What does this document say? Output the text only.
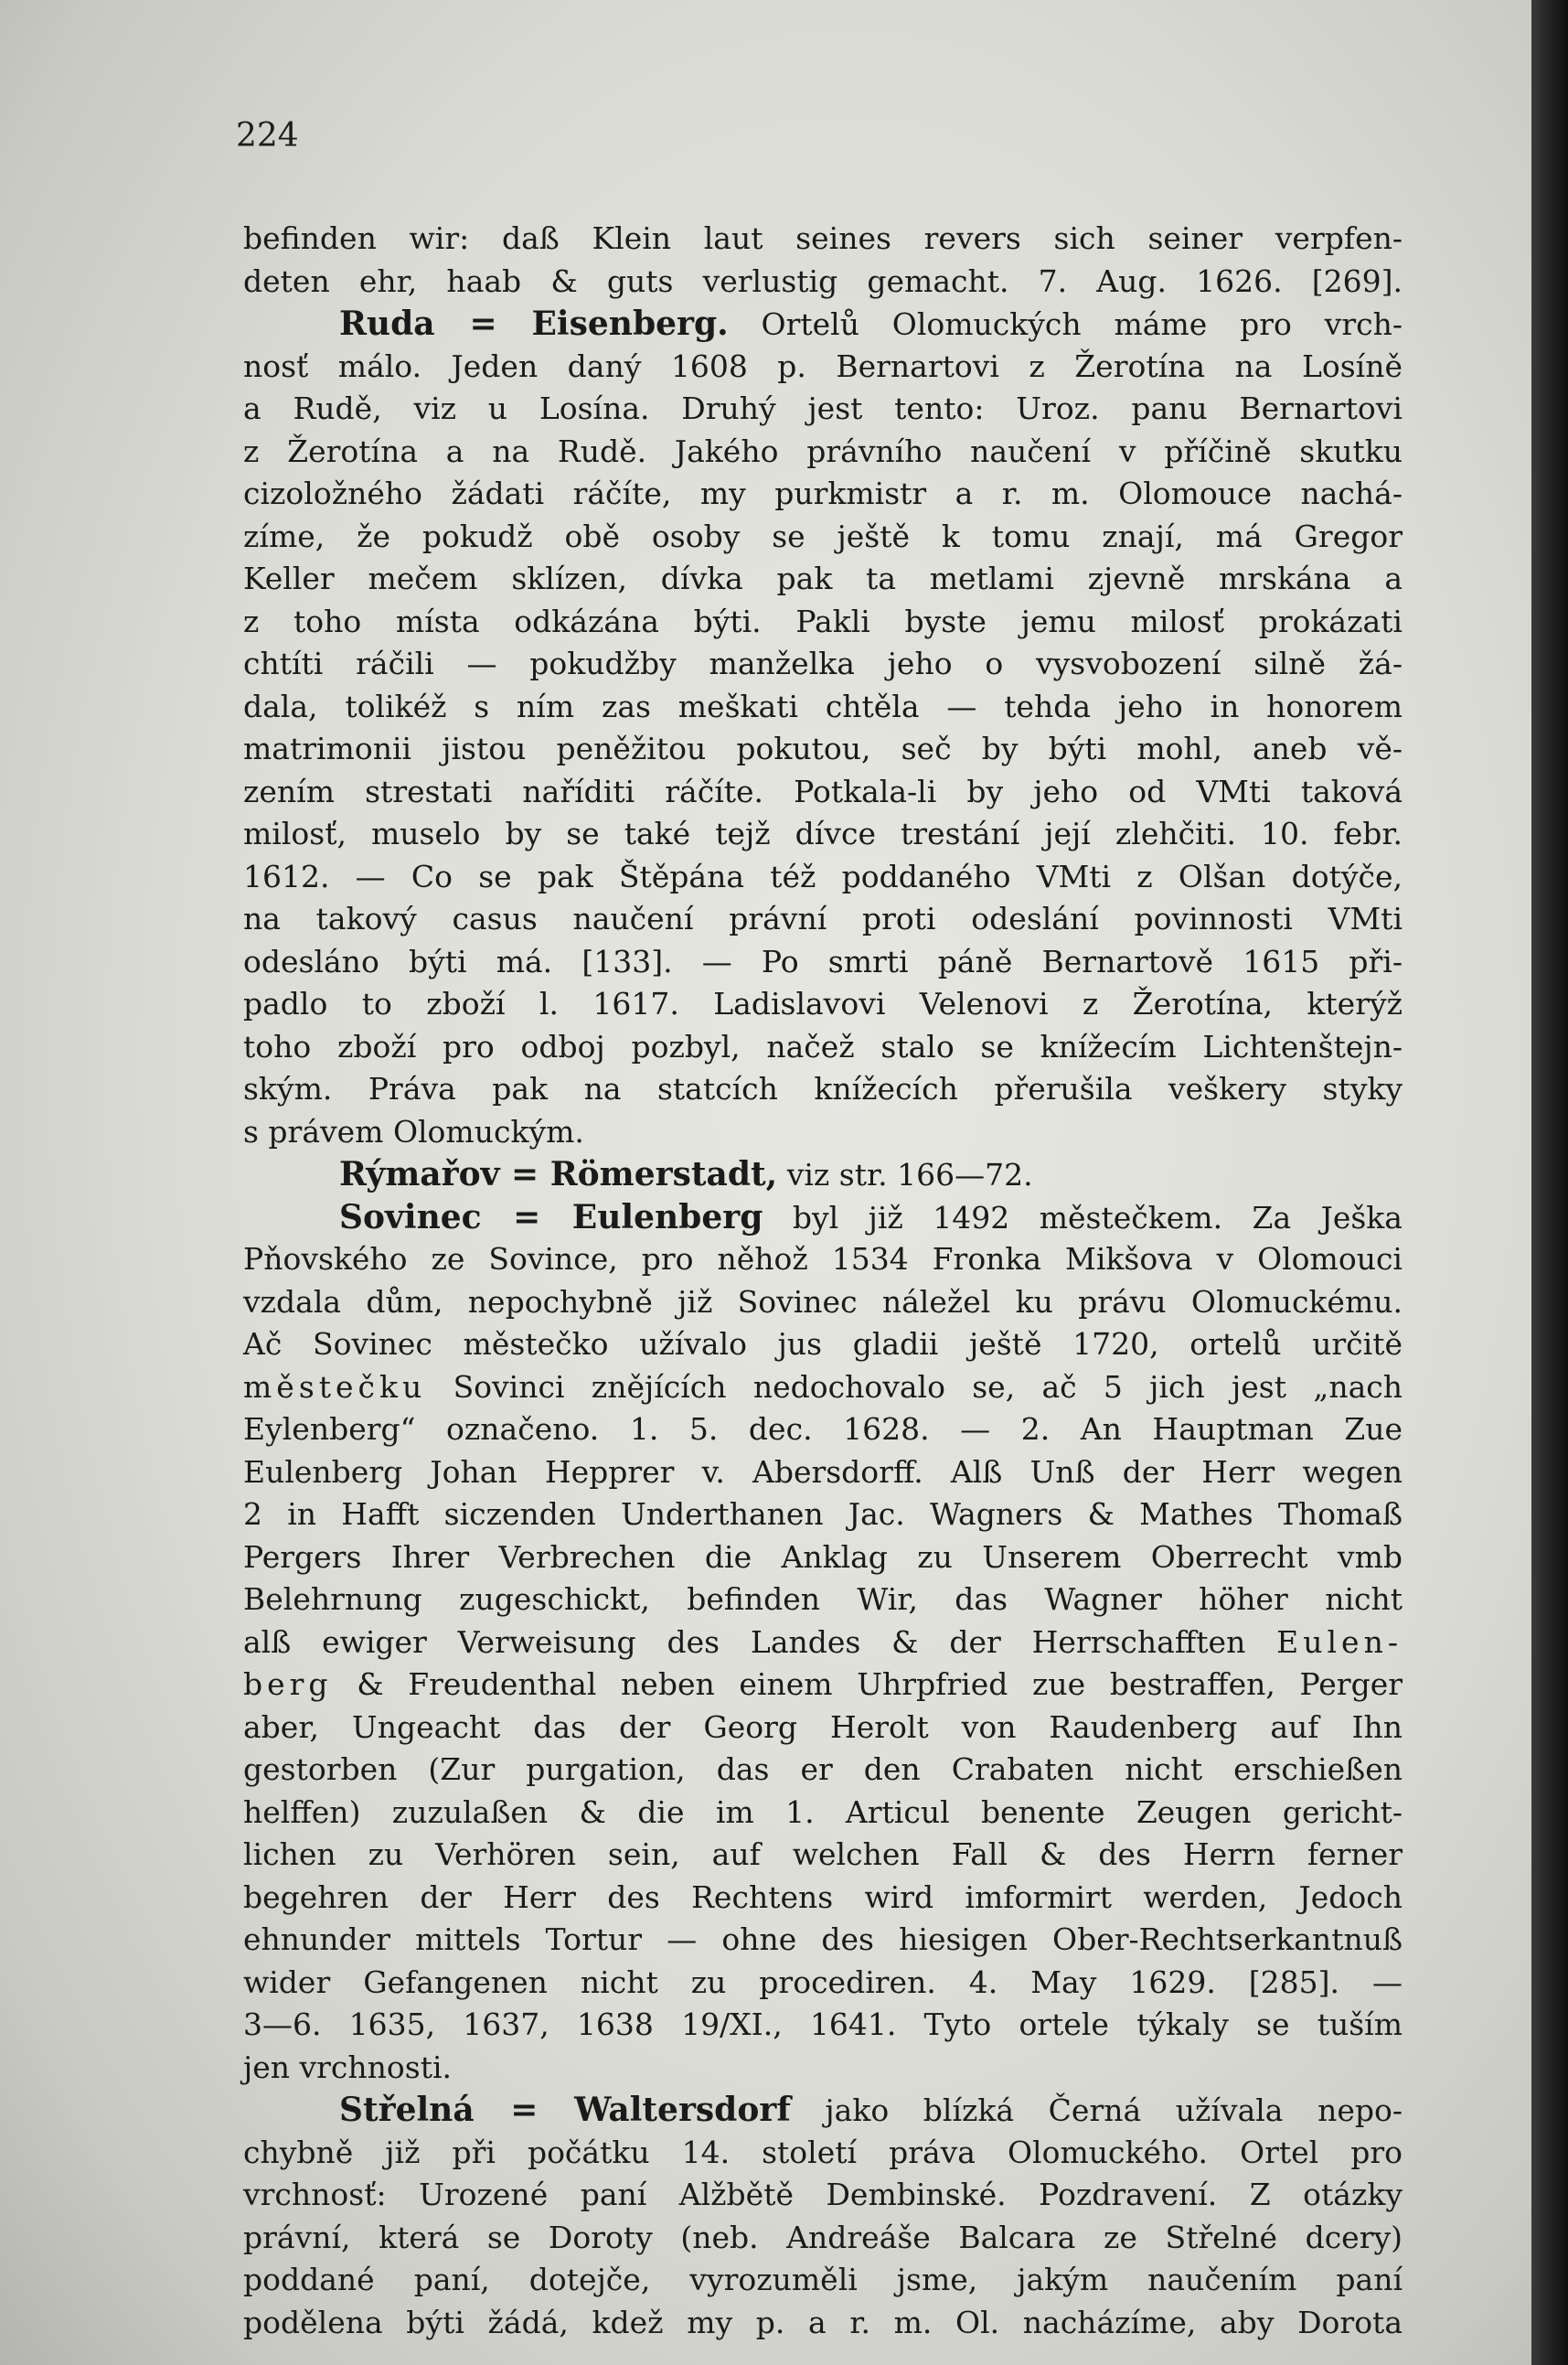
224
befinden wir: daß Klein laut seines revers sich seiner verpfen-
deten ehr, haab & guts verlustig gemacht. 7. Aug. 1626. [269].
Ruda = Eisenberg. Ortelů Olomuckých máme pro vrch-
nosť málo. Jeden daný 1608 p. Bernartovi z Žerotína na Losíně
a Rudě, viz u Losína. Druhý jest tento: Uroz. panu Bernartovi
z Žerotína a na Rudě. Jakého právního naučení v příčině skutku
cizoložného žádati ráčíte, my purkmistr a r. m. Olomouce nachá-
zíme, že pokudž obě osoby se ještě k tomu znají, má Gregor
Keller mečem sklízen, dívka pak ta metlami zjevně mrskána a
z toho místa odkázána býti. Pakli byste jemu milosť prokázati
chtíti ráčili — pokudžby manželka jeho o vysvobození silně žá-
dala, tolikéž s ním zas meškati chtěla — tehda jeho in honorem
matrimonii jistou peněžitou pokutou, seč by býti mohl, aneb vě-
zením strestati naříditi ráčíte. Potkala-li by jeho od VMti taková
milosť, muselo by se také tejž dívce trestání její zlehčiti. 10. febr.
1612. — Co se pak Štěpána též poddaného VMti z Olšan dotýče,
na takový casus naučení právní proti odeslání povinnosti VMti
odesláno býti má. [133]. — Po smrti páně Bernartově 1615 při-
padlo to zboží l. 1617. Ladislavovi Velenovi z Žerotína, kterýž
toho zboží pro odboj pozbyl, načež stalo se knížecím Lichtenštejn-
ským. Práva pak na statcích knížecích přerušila veškery styky
s právem Olomuckým.
Rýmařov = Römerstadt, viz str. 166—72.
Sovinec = Eulenberg byl již 1492 městečkem. Za Ješka
Pňovského ze Sovince, pro něhož 1534 Fronka Mikšova v Olomouci
vzdala dům, nepochybně již Sovinec náležel ku právu Olomuckému.
Ač Sovinec městečko užívalo jus gladii ještě 1720, ortelů určitě
městečku Sovinci znějících nedochovalo se, ač 5 jich jest „nach
Eylenberg“ označeno. 1. 5. dec. 1628. — 2. An Hauptman Zue
Eulenberg Johan Hepprer v. Abersdorff. Alß Unß der Herr wegen
2 in Hafft siczenden Underthanen Jac. Wagners & Mathes Thomaß
Pergers Ihrer Verbrechen die Anklag zu Unserem Oberrecht vmb
Belehrnung zugeschickt, befinden Wir, das Wagner höher nicht
alß ewiger Verweisung des Landes & der Herrschafften Eulen-
berg & Freudenthal neben einem Uhrpfried zue bestraffen, Perger
aber, Ungeacht das der Georg Herolt von Raudenberg auf Ihn
gestorben (Zur purgation, das er den Crabaten nicht erschießen
helffen) zuzulaßen & die im 1. Articul benente Zeugen gericht-
lichen zu Verhören sein, auf welchen Fall & des Herrn ferner
begehren der Herr des Rechtens wird imformirt werden, Jedoch
ehnunder mittels Tortur — ohne des hiesigen Ober-Rechtserkantnuß
wider Gefangenen nicht zu procediren. 4. May 1629. [285]. —
3—6. 1635, 1637, 1638 19/XI., 1641. Tyto ortele týkaly se tuším
jen vrchnosti.
Střelná = Waltersdorf jako blízká Černá užívala nepo-
chybně již při počátku 14. století práva Olomuckého. Ortel pro
vrchnosť: Urozené paní Alžbětě Dembinské. Pozdravení. Z otázky
právní, která se Doroty (neb. Andreáše Balcara ze Střelné dcery)
poddané paní, dotejče, vyrozuměli jsme, jakým naučením paní
podělena býti žádá, kdež my p. a r. m. Ol. nacházíme, aby Dorota
